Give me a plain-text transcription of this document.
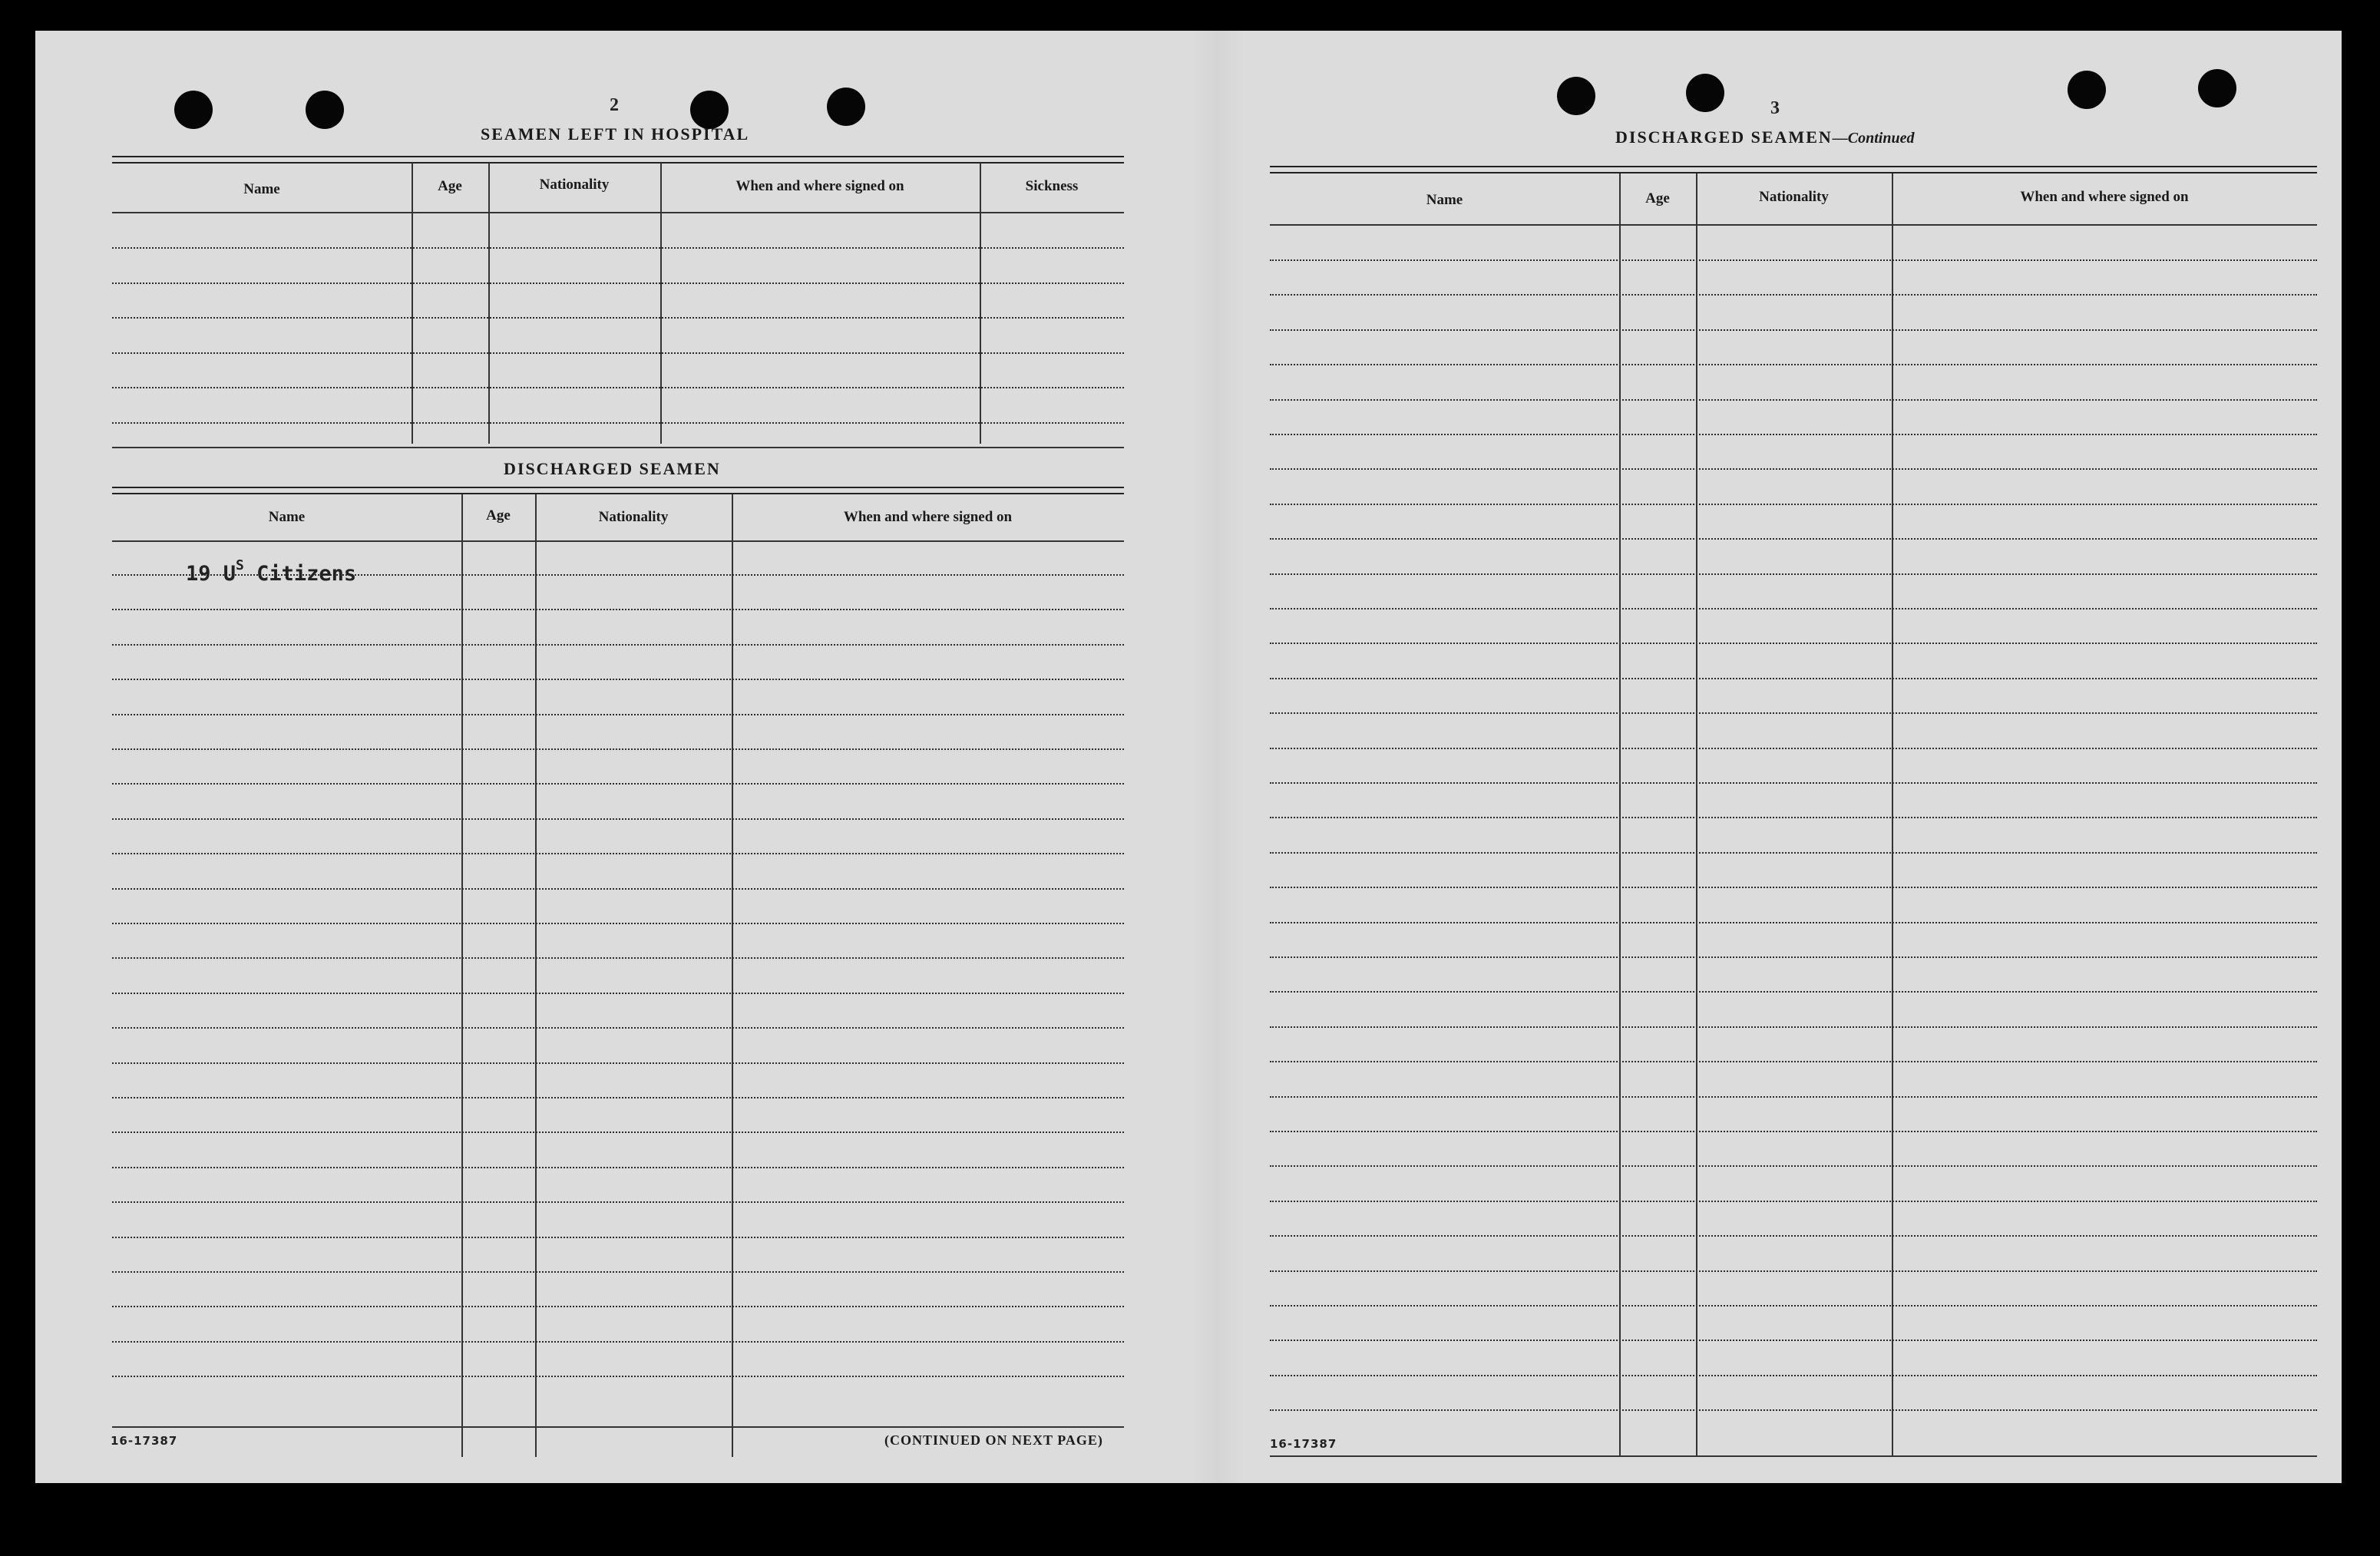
2
SEAMEN LEFT IN HOSPITAL
Name	Age	Nationality	When and where signed on	Sickness
DISCHARGED SEAMEN
Name	Age	Nationality	When and where signed on
19 $U^S$ Citizens
16-17387	(CONTINUED ON NEXT PAGE)
3
DISCHARGED SEAMEN—Continued
Name	Age	Nationality	When and where signed on
16-17387
